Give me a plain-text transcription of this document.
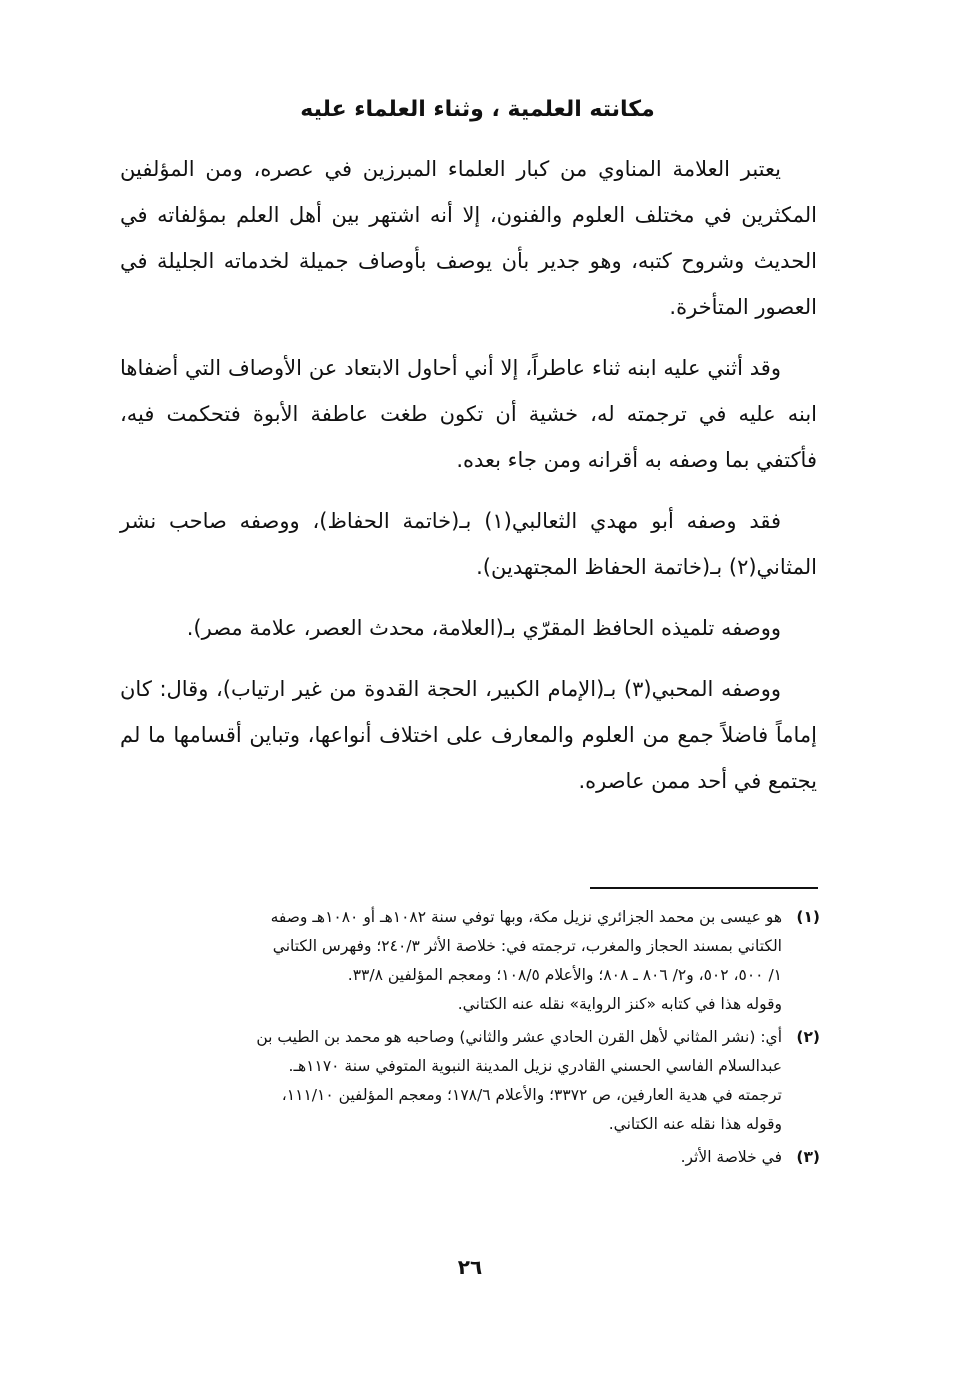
مكانته العلمية ، وثناء العلماء عليه

يعتبر العلامة المناوي من كبار العلماء المبرزين في عصره، ومن المؤلفين المكثرين في مختلف العلوم والفنون، إلا أنه اشتهر بين أهل العلم بمؤلفاته في الحديث وشروح كتبه، وهو جدير بأن يوصف بأوصاف جميلة لخدماته الجليلة في العصور المتأخرة.

وقد أثني عليه ابنه ثناء عاطراً، إلا أني أحاول الابتعاد عن الأوصاف التي أضفاها ابنه عليه في ترجمته له، خشية أن تكون طغت عاطفة الأبوة فتحكمت فيه، فأكتفي بما وصفه به أقرانه ومن جاء بعده.

فقد وصفه أبو مهدي الثعالبي(١) بـ(خاتمة الحفاظ)، ووصفه صاحب نشر المثاني(٢) بـ(خاتمة الحفاظ المجتهدين).

ووصفه تلميذه الحافظ المقرّي بـ(العلامة، محدث العصر، علامة مصر).

ووصفه المحبي(٣) بـ(الإمام الكبير، الحجة القدوة من غير ارتياب)، وقال: كان إماماً فاضلاً جمع من العلوم والمعارف على اختلاف أنواعها، وتباين أقسامها ما لم يجتمع في أحد ممن عاصره.

(١)
هو عيسى بن محمد الجزائري نزيل مكة، وبها توفي سنة ١٠٨٢هـ أو ١٠٨٠هـ وصفه
الكتاني بمسند الحجاز والمغرب، ترجمته في: خلاصة الأثر ٢٤٠/٣؛ وفهرس الكتاني
١/ ٥٠٠، ٥٠٢، و٢/ ٨٠٦ ـ ٨٠٨؛ والأعلام ١٠٨/٥؛ ومعجم المؤلفين ٣٣/٨.
وقوله هذا في كتابه «كنز الرواية» نقله عنه الكتاني.
(٢)
أي: (نشر المثاني لأهل القرن الحادي عشر والثاني) وصاحبه هو محمد بن الطيب بن
عبدالسلام الفاسي الحسني القادري نزيل المدينة النبوية المتوفي سنة ١١٧٠هـ.
ترجمته في هدية العارفين، ص ٣٣٧٢؛ والأعلام ١٧٨/٦؛ ومعجم المؤلفين ١١١/١٠،
وقوله هذا نقله عنه الكتاني.
(٣)
في خلاصة الأثر.
٢٦
